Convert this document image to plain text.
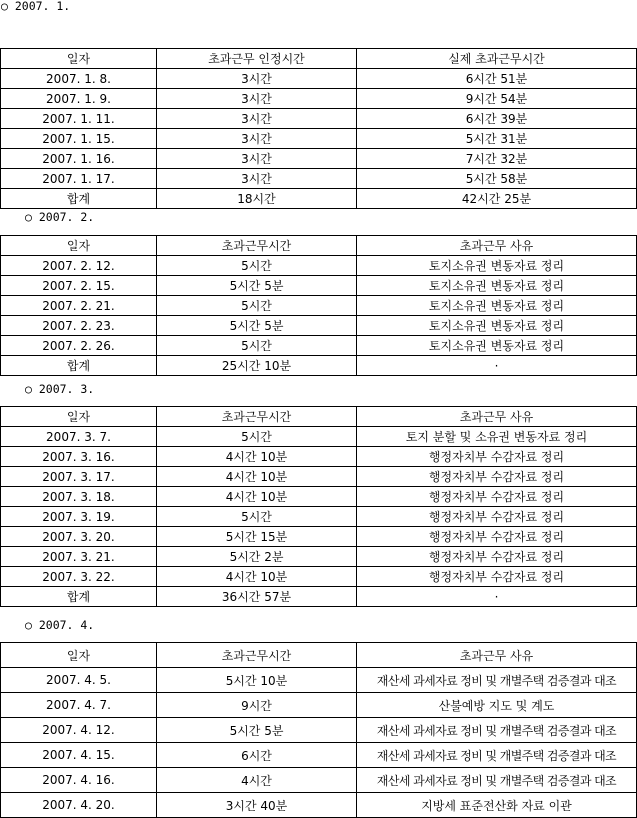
○ 2007. 1.
일자	초과근무 인정시간	실제 초과근무시간
2007. 1. 8.	3시간	6시간 51분
2007. 1. 9.	3시간	9시간 54분
2007. 1. 11.	3시간	6시간 39분
2007. 1. 15.	3시간	5시간 31분
2007. 1. 16.	3시간	7시간 32분
2007. 1. 17.	3시간	5시간 58분
합계	18시간	42시간 25분
○ 2007. 2.
일자	초과근무시간	초과근무 사유
2007. 2. 12.	5시간	토지소유권 변동자료 정리
2007. 2. 15.	5시간 5분	토지소유권 변동자료 정리
2007. 2. 21.	5시간	토지소유권 변동자료 정리
2007. 2. 23.	5시간 5분	토지소유권 변동자료 정리
2007. 2. 26.	5시간	토지소유권 변동자료 정리
합계	25시간 10분	·
○ 2007. 3.
일자	초과근무시간	초과근무 사유
2007. 3. 7.	5시간	토지 분할 및 소유권 변동자료 정리
2007. 3. 16.	4시간 10분	행정자치부 수감자료 정리
2007. 3. 17.	4시간 10분	행정자치부 수감자료 정리
2007. 3. 18.	4시간 10분	행정자치부 수감자료 정리
2007. 3. 19.	5시간	행정자치부 수감자료 정리
2007. 3. 20.	5시간 15분	행정자치부 수감자료 정리
2007. 3. 21.	5시간 2분	행정자치부 수감자료 정리
2007. 3. 22.	4시간 10분	행정자치부 수감자료 정리
합계	36시간 57분	·
○ 2007. 4.
일자	초과근무시간	초과근무 사유
2007. 4. 5.	5시간 10분	재산세 과세자료 정비 및 개별주택 검증결과 대조
2007. 4. 7.	9시간	산불예방 지도 및 계도
2007. 4. 12.	5시간 5분	재산세 과세자료 정비 및 개별주택 검증결과 대조
2007. 4. 15.	6시간	재산세 과세자료 정비 및 개별주택 검증결과 대조
2007. 4. 16.	4시간	재산세 과세자료 정비 및 개별주택 검증결과 대조
2007. 4. 20.	3시간 40분	지방세 표준전산화 자료 이관
